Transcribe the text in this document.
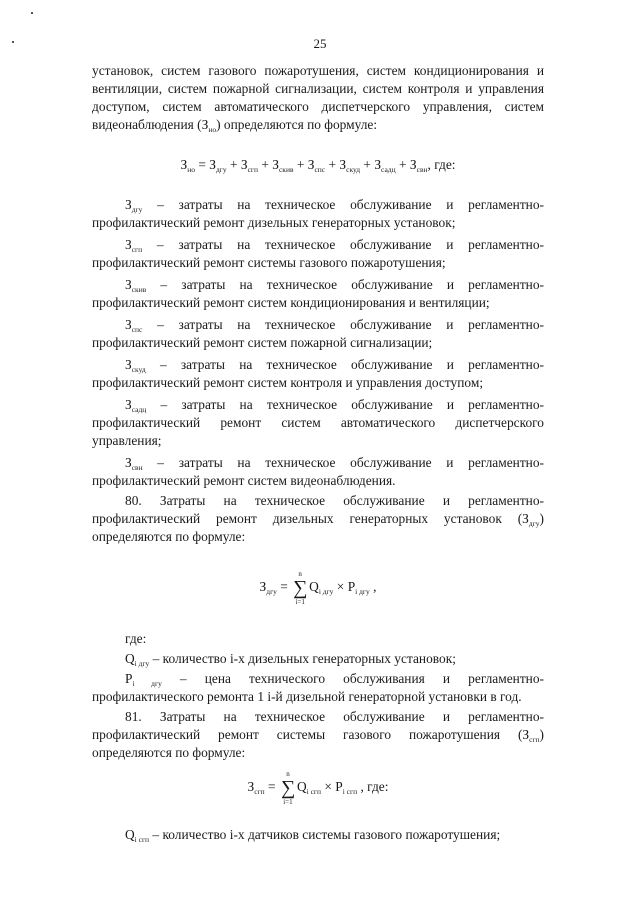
25

установок, систем газового пожаротушения, систем кондиционирования и вентиляции, систем пожарной сигнализации, систем контроля и управления доступом, систем автоматического диспетчерского управления, систем видеонаблюдения $(З_{но})$ определяются по формуле:

$З_{но} = З_{дгу} + З_{сгп} + З_{скив} + З_{спс} + З_{скуд} + З_{садц} + З_{свн}$, где:

$З_{дгу}$ – затраты на техническое обслуживание и регламентно-профилактический ремонт дизельных генераторных установок;

$З_{сгп}$ – затраты на техническое обслуживание и регламентно-профилактический ремонт системы газового пожаротушения;

$З_{скив}$ – затраты на техническое обслуживание и регламентно-профилактический ремонт систем кондиционирования и вентиляции;

$З_{спс}$ – затраты на техническое обслуживание и регламентно-профилактический ремонт систем пожарной сигнализации;

$З_{скуд}$ – затраты на техническое обслуживание и регламентно-профилактический ремонт систем контроля и управления доступом;

$З_{садц}$ – затраты на техническое обслуживание и регламентно-профилактический ремонт систем автоматического диспетчерского управления;

$З_{свн}$ – затраты на техническое обслуживание и регламентно-профилактический ремонт систем видеонаблюдения.

80. Затраты на техническое обслуживание и регламентно-профилактический ремонт дизельных генераторных установок $(З_{дгу})$ определяются по формуле:

$З_{дгу}$ =
n
∑
i=1
$Q_{i дгу} \times P_{i дгу}$ ,

где:

$Q_{i дгу}$ – количество i-х дизельных генераторных установок;

$P_{i дгу}$ – цена технического обслуживания и регламентно-профилактического ремонта 1 i-й дизельной генераторной установки в год.

81. Затраты на техническое обслуживание и регламентно-профилактический ремонт системы газового пожаротушения $(З_{сгп})$ определяются по формуле:

$З_{сгп}$ =
n
∑
i=1
$Q_{i сгп} \times P_{i сгп}$ , где:

$Q_{i сгп}$ – количество i-х датчиков системы газового пожаротушения;
